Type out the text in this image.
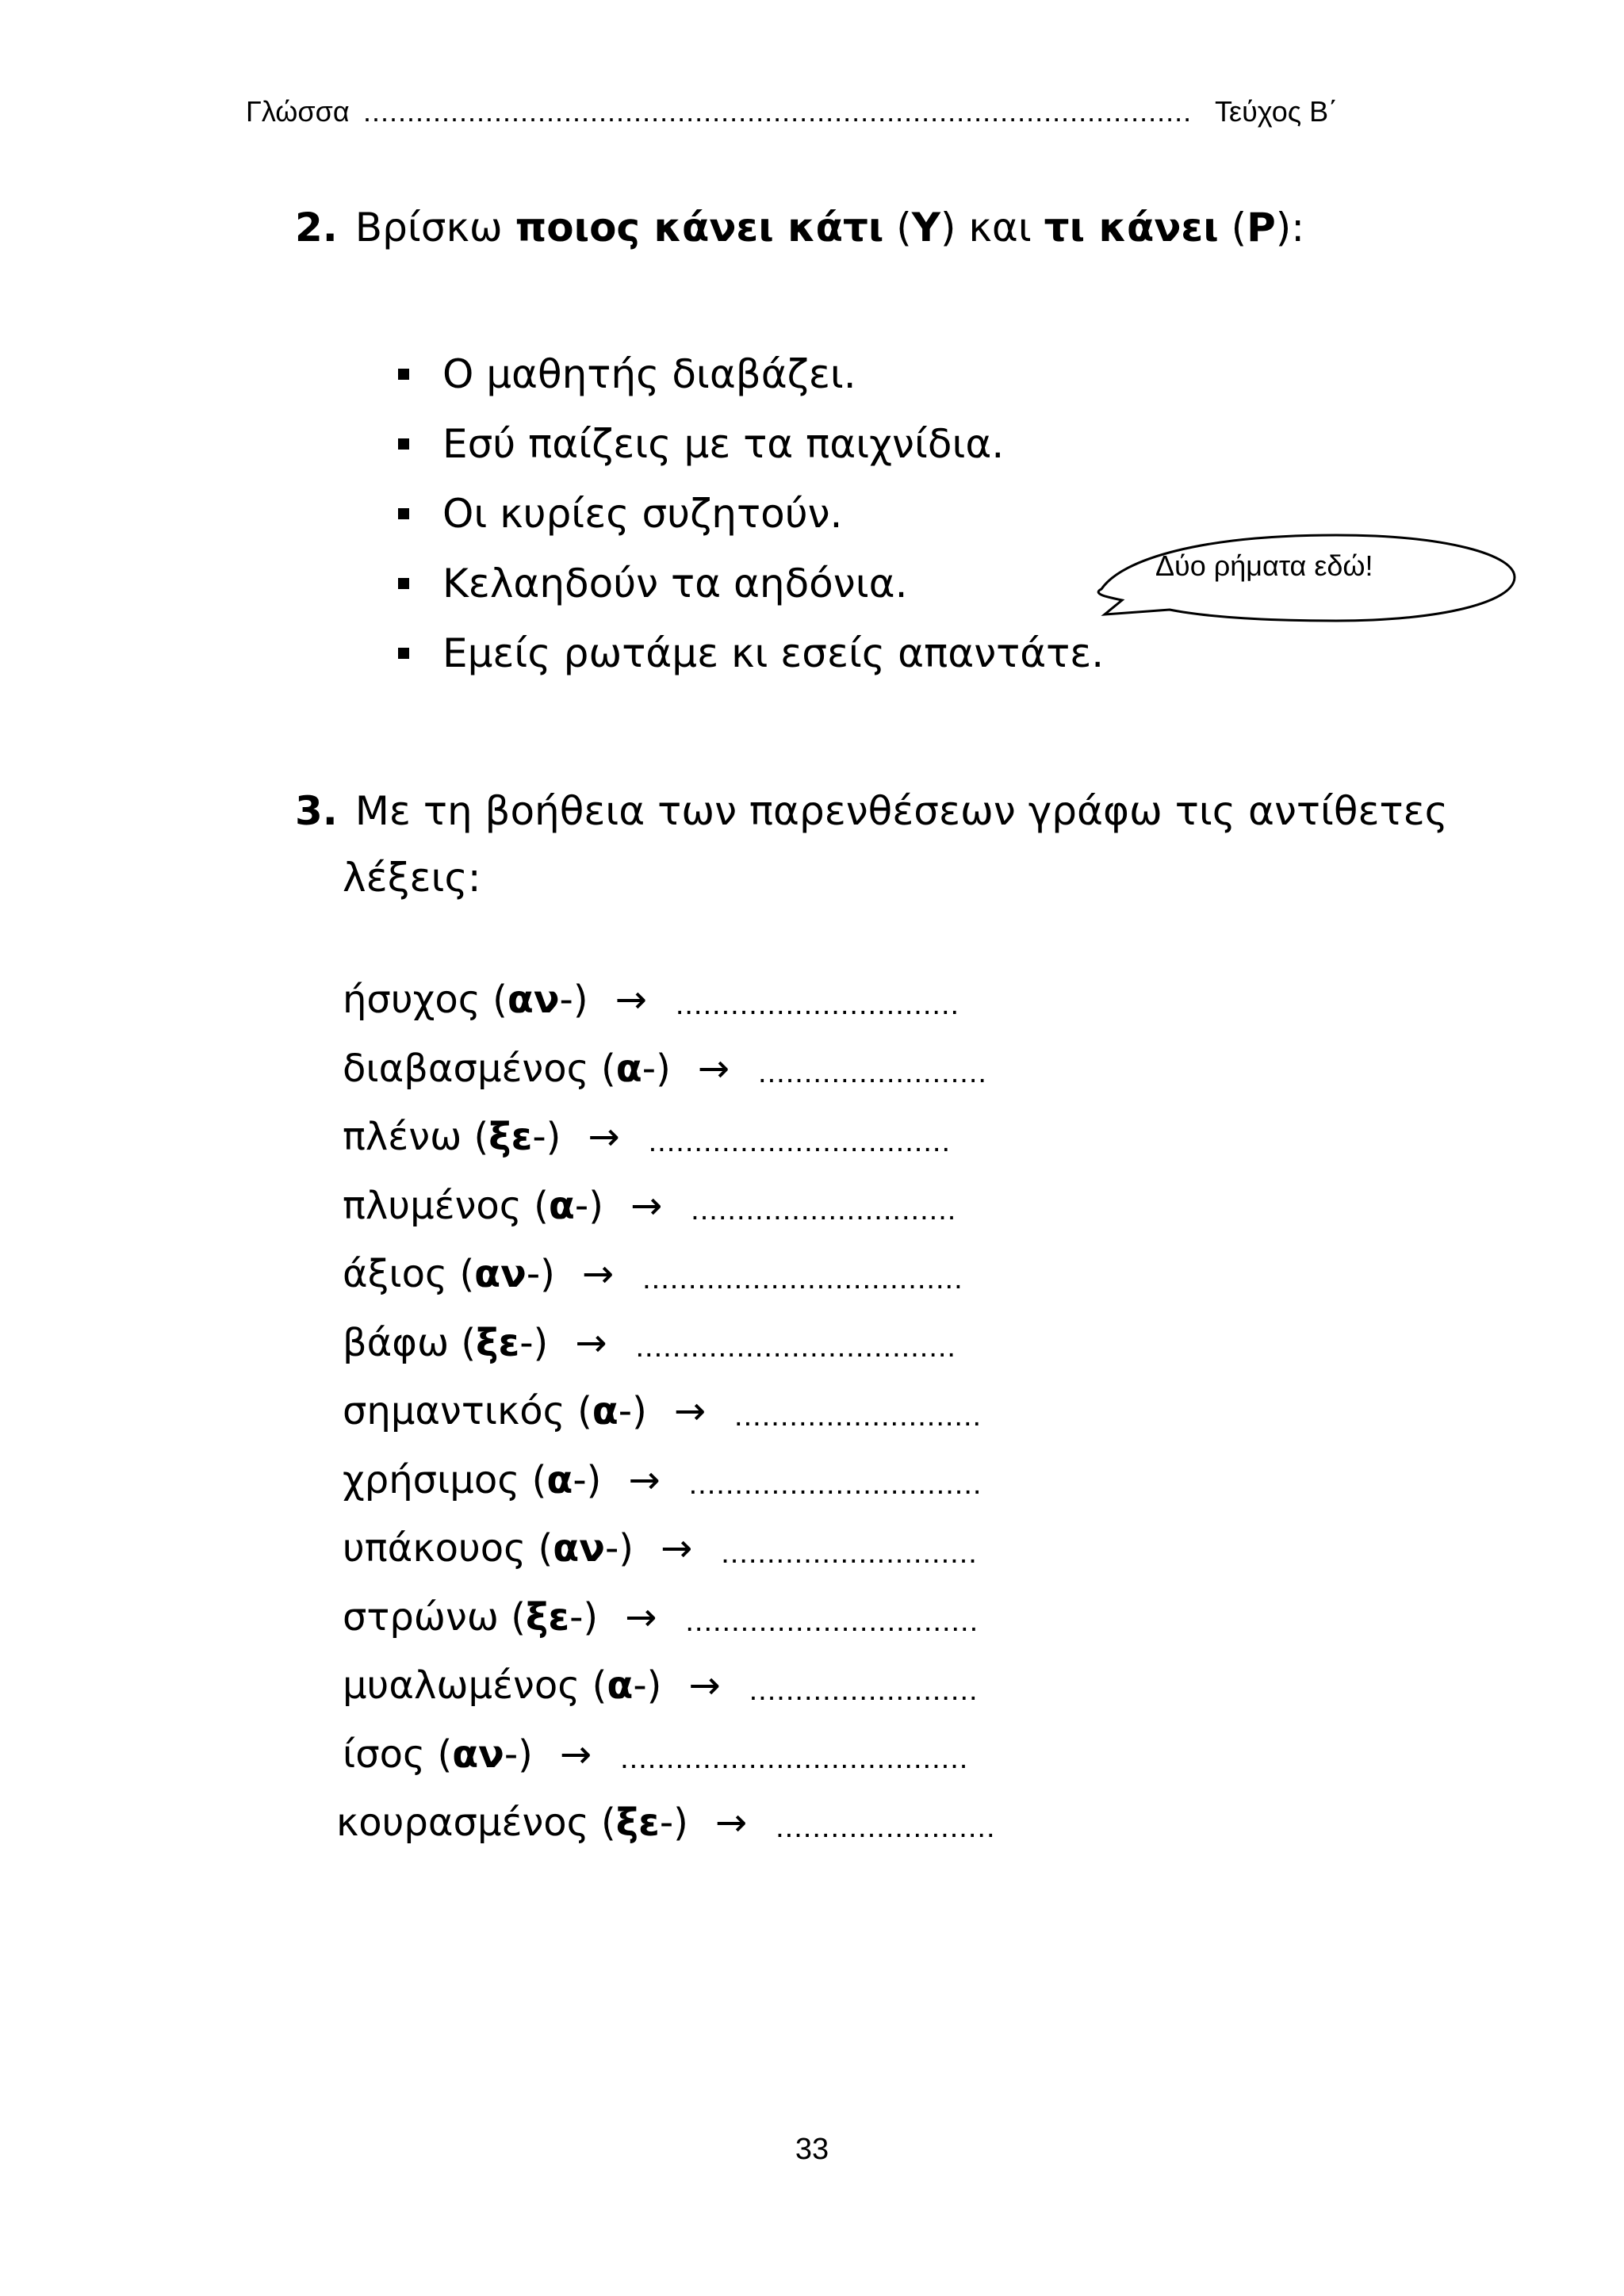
Γλώσσα ............................................................................................... Τεύχος Β΄
2. Βρίσκω ποιος κάνει κάτι (Υ) και τι κάνει (Ρ):
Ο μαθητής διαβάζει.
Εσύ παίζεις με τα παιχνίδια.
Οι κυρίες συζητούν.
Κελαηδούν τα αηδόνια.
Εμείς ρωτάμε κι εσείς απαντάτε.
Δύο ρήματα εδώ!
3. Με τη βοήθεια των παρενθέσεων γράφω τις αντίθετες
λέξεις:
ήσυχος ( αν -) → ...............................
διαβασμένος ( α -) → .........................
πλένω ( ξε -) → .................................
πλυμένος ( α -) → .............................
άξιος ( αν -) → ...................................
βάφω ( ξε -) → ...................................
σημαντικός ( α -) → ...........................
χρήσιμος ( α -) → ................................
υπάκουος ( αν -) → ............................
στρώνω ( ξε -) → ................................
μυαλωμένος ( α -) → .........................
ίσος ( αν -) → ......................................
κουρασμένος ( ξε -) → ........................
33
